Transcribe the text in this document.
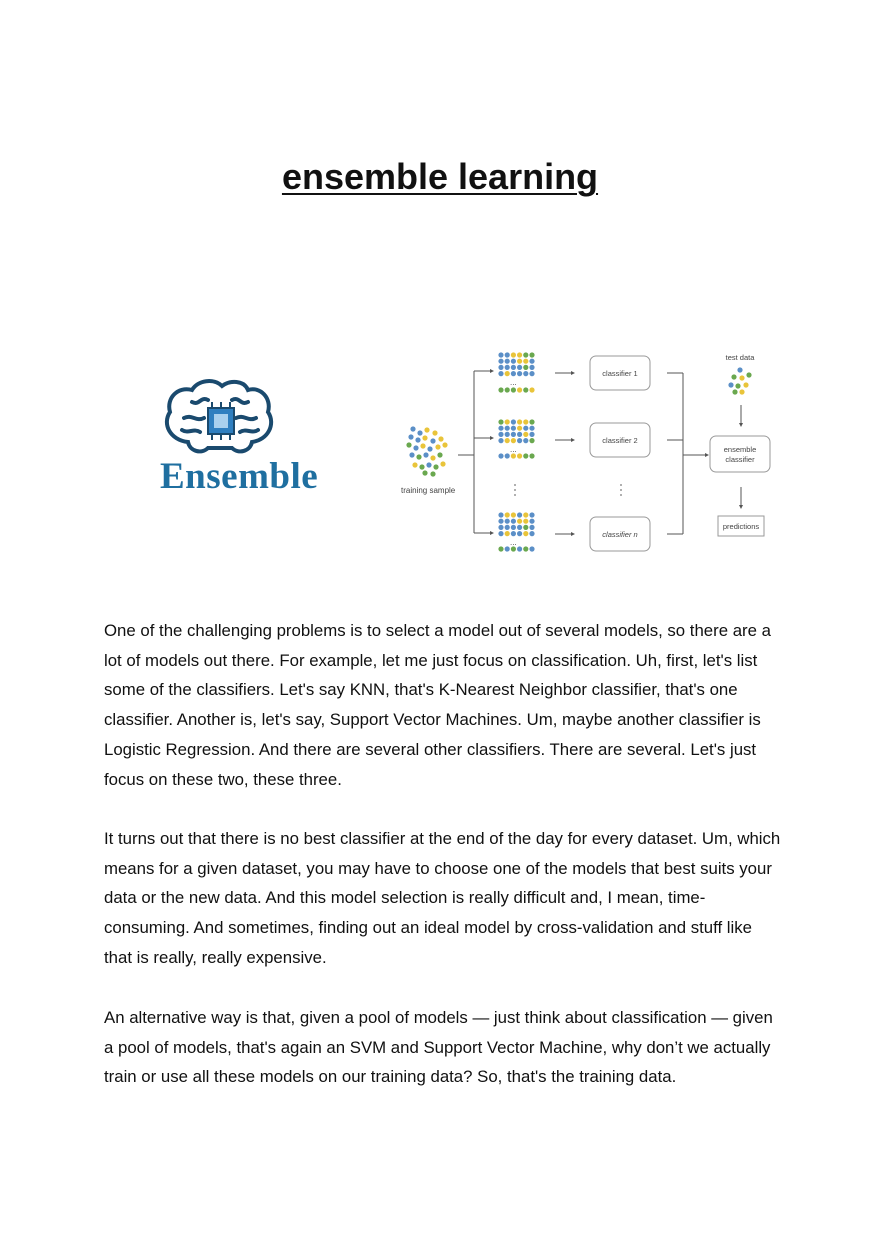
ensemble learning
Ensemble	training sample
...
...
...
classifier 1
classifier 2
classifier n
test data
ensemble
classifier
predictions

One of the challenging problems is to select a model out of several models, so there are a lot of models out there. For example, let me just focus on classification. Uh, first, let's list some of the classifiers. Let's say KNN, that's K-Nearest Neighbor classifier, that's one classifier. Another is, let's say, Support Vector Machines. Um, maybe another classifier is Logistic Regression. And there are several other classifiers. There are several. Let's just focus on these two, these three.

It turns out that there is no best classifier at the end of the day for every dataset. Um, which means for a given dataset, you may have to choose one of the models that best suits your data or the new data. And this model selection is really difficult and, I mean, time-consuming. And sometimes, finding out an ideal model by cross-validation and stuff like that is really, really expensive.

An alternative way is that, given a pool of models — just think about classification — given a pool of models, that's again an SVM and Support Vector Machine, why don’t we actually train or use all these models on our training data? So, that's the training data.
